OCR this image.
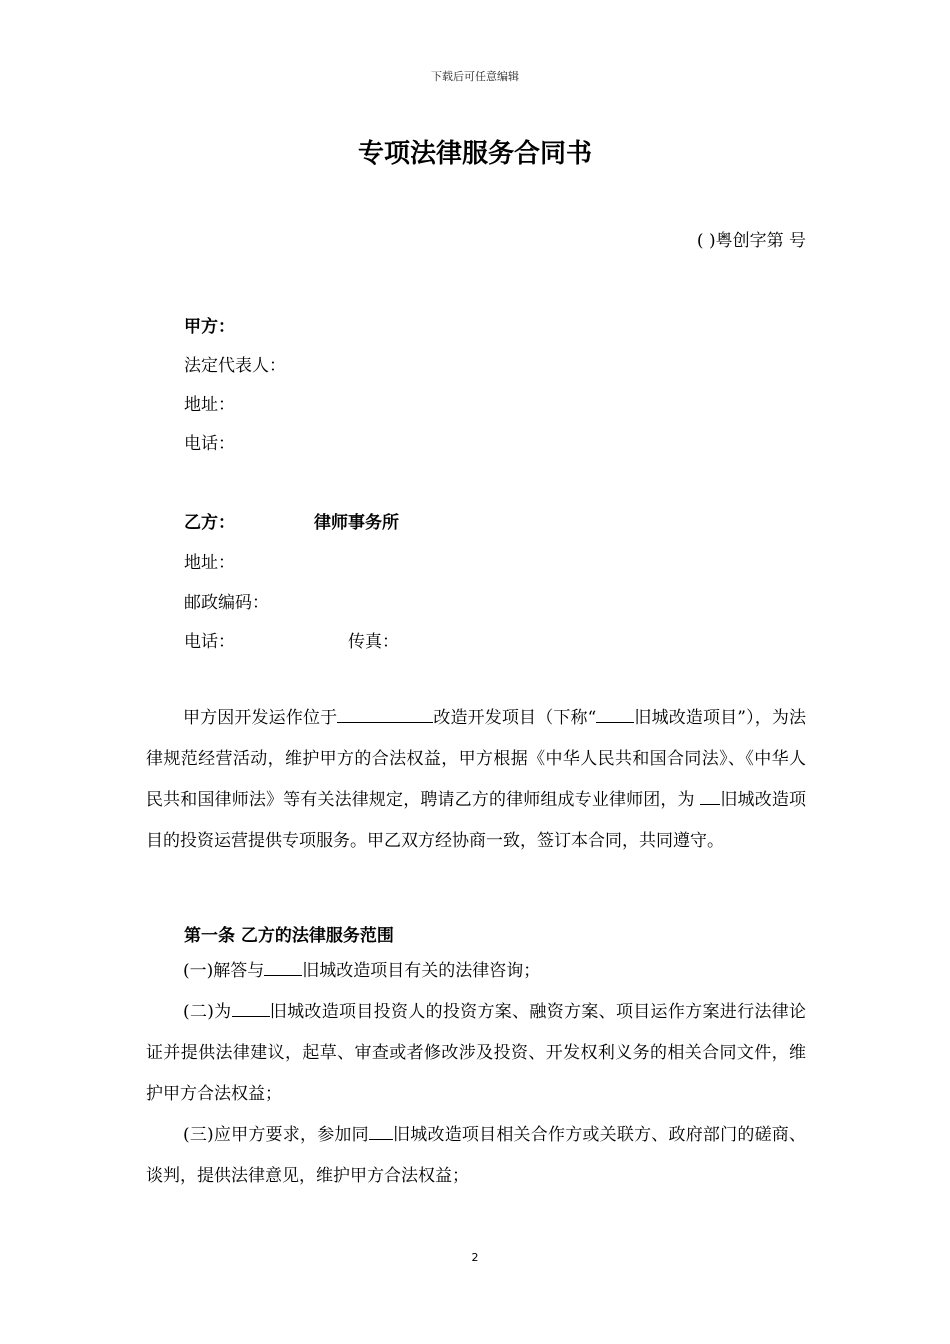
下载后可任意编辑
专项法律服务合同书
( )粤创字第 号
甲方：
法定代表人：
地址：
电话：
乙方：	律师事务所
地址：
邮政编码：
电话：	传真：
甲方因开发运作位于	改造开发项目（下称“ 旧城改造项目”），为法律规范经营活动，维护甲方的合法权益，甲方根据《中华人民共和国合同法》、《中华人民共和国律师法》等有关法律规定，聘请乙方的律师组成专业律师团，为 旧城改造项目的投资运营提供专项服务。甲乙双方经协商一致，签订本合同，共同遵守。
第一条 乙方的法律服务范围
(一)解答与 旧城改造项目有关的法律咨询；
(二)为 旧城改造项目投资人的投资方案、融资方案、项目运作方案进行法律论证并提供法律建议，起草、审查或者修改涉及投资、开发权利义务的相关合同文件，维护甲方合法权益；
(三)应甲方要求，参加同 旧城改造项目相关合作方或关联方、政府部门的磋商、谈判，提供法律意见，维护甲方合法权益；
2
